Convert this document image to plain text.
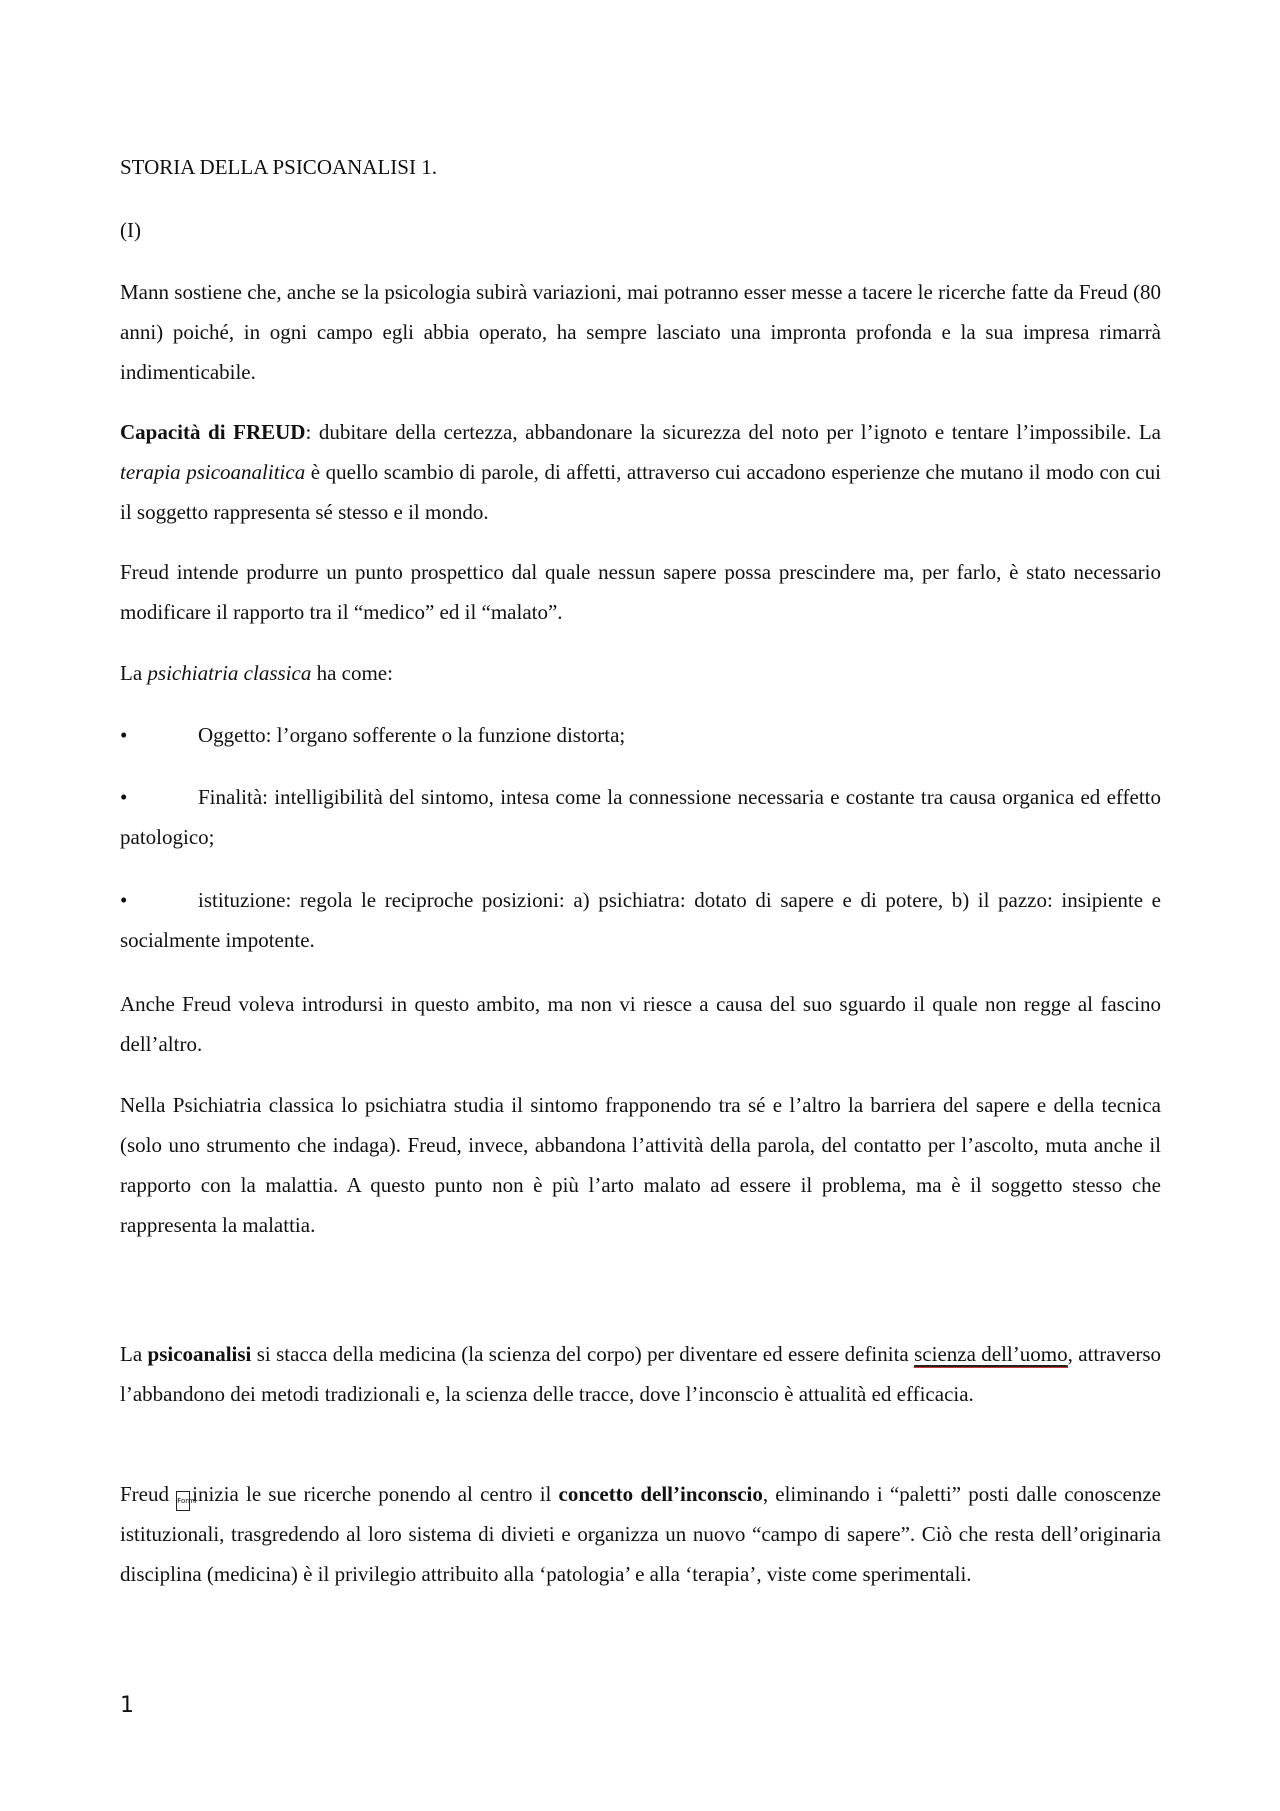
STORIA DELLA PSICOANALISI 1.

(I)

Mann sostiene che, anche se la psicologia subirà variazioni, mai potranno esser messe a tacere le ricerche fatte da Freud (80 anni) poiché, in ogni campo egli abbia operato, ha sempre lasciato una impronta profonda e la sua impresa rimarrà indimenticabile.

Capacità di FREUD: dubitare della certezza, abbandonare la sicurezza del noto per l’ignoto e tentare l’impossibile. La terapia psicoanalitica è quello scambio di parole, di affetti, attraverso cui accadono esperienze che mutano il modo con cui il soggetto rappresenta sé stesso e il mondo.

Freud intende produrre un punto prospettico dal quale nessun sapere possa prescindere ma, per farlo, è stato necessario modificare il rapporto tra il “medico” ed il “malato”.

La psichiatria classica ha come:

•	Oggetto: l’organo sofferente o la funzione distorta;
•	Finalità: intelligibilità del sintomo, intesa come la connessione necessaria e costante tra causa organica ed effetto patologico;
•	istituzione: regola le reciproche posizioni: a) psichiatra: dotato di sapere e di potere, b) il pazzo: insipiente e socialmente impotente.

Anche Freud voleva introdursi in questo ambito, ma non vi riesce a causa del suo sguardo il quale non regge al fascino dell’altro.

Nella Psichiatria classica lo psichiatra studia il sintomo frapponendo tra sé e l’altro la barriera del sapere e della tecnica (solo uno strumento che indaga). Freud, invece, abbandona l’attività della parola, del contatto per l’ascolto, muta anche il rapporto con la malattia. A questo punto non è più l’arto malato ad essere il problema, ma è il soggetto stesso che rappresenta la malattia.

La psicoanalisi si stacca della medicina (la scienza del corpo) per diventare ed essere definita scienza dell’uomo, attraverso l’abbandono dei metodi tradizionali e, la scienza delle tracce, dove l’inconscio è attualità ed efficacia.

Freud Formiinizia le sue ricerche ponendo al centro il concetto dell’inconscio, eliminando i “paletti” posti dalle conoscenze istituzionali, trasgredendo al loro sistema di divieti e organizza un nuovo “campo di sapere”. Ciò che resta dell’originaria disciplina (medicina) è il privilegio attribuito alla ‘patologia’ e alla ‘terapia’, viste come sperimentali.

1
